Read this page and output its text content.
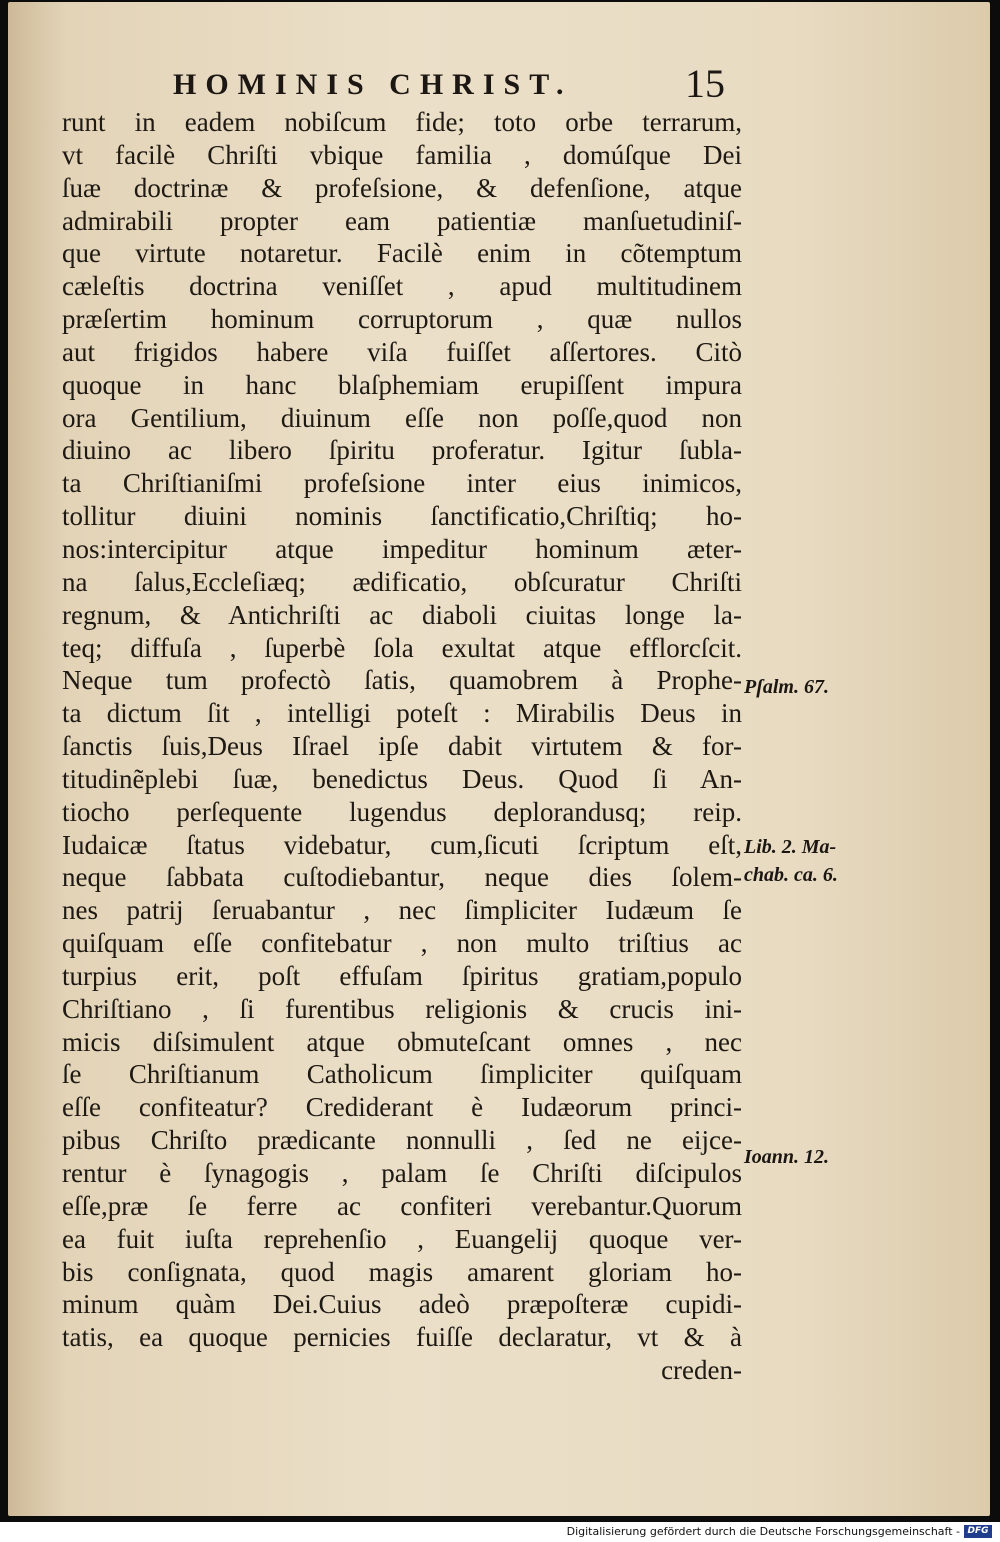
HOMINIS CHRIST.	15
runt in eadem nobiſcum fide; toto orbe terrarum,
vt facilè Chriſti vbique familia , domúſque Dei
ſuæ doctrinæ & profeſsione, & defenſione, atque
admirabili propter eam patientiæ manſuetudiniſ-
que virtute notaretur. Facilè enim in cõtemptum
cæleſtis doctrina veniſſet , apud multitudinem
præſertim hominum corruptorum , quæ nullos
aut frigidos habere viſa fuiſſet aſſertores. Citò
quoque in hanc blaſphemiam erupiſſent impura
ora Gentilium, diuinum eſſe non poſſe,quod non
diuino ac libero ſpiritu proferatur. Igitur ſubla-
ta Chriſtianiſmi profeſsione inter eius inimicos,
tollitur diuini nominis ſanctificatio,Chriſtiq; ho-
nos:intercipitur atque impeditur hominum æter-
na ſalus,Eccleſiæq; ædificatio, obſcuratur Chriſti
regnum, & Antichriſti ac diaboli ciuitas longe la-
teq; diffuſa , ſuperbè ſola exultat atque efflorcſcit.
Neque tum profectò ſatis, quamobrem à Prophe-
ta dictum ſit , intelligi poteſt : Mirabilis Deus in
ſanctis ſuis,Deus Iſrael ipſe dabit virtutem & for-
titudinẽplebi ſuæ, benedictus Deus. Quod ſi An-
tiocho perſequente lugendus deplorandusq; reip.
Iudaicæ ſtatus videbatur, cum,ſicuti ſcriptum eſt,
neque ſabbata cuſtodiebantur, neque dies ſolem-
nes patrij ſeruabantur , nec ſimpliciter Iudæum ſe
quiſquam eſſe confitebatur , non multo triſtius ac
turpius erit, poſt effuſam ſpiritus gratiam,populo
Chriſtiano , ſi furentibus religionis & crucis ini-
micis diſsimulent atque obmuteſcant omnes , nec
ſe Chriſtianum Catholicum ſimpliciter quiſquam
eſſe confiteatur? Crediderant è Iudæorum princi-
pibus Chriſto prædicante nonnulli , ſed ne eijce-
rentur è ſynagogis , palam ſe Chriſti diſcipulos
eſſe,præ ſe ferre ac confiteri verebantur.Quorum
ea fuit iuſta reprehenſio , Euangelij quoque ver-
bis conſignata, quod magis amarent gloriam ho-
minum quàm Dei.Cuius adeò præpoſteræ cupidi-
tatis, ea quoque pernicies fuiſſe declaratur, vt & à
creden-
Pſalm. 67.
Lib. 2. Ma-
chab. ca. 6.
Ioann. 12.
Digitalisierung gefördert durch die Deutsche Forschungsgemeinschaft - DFG
